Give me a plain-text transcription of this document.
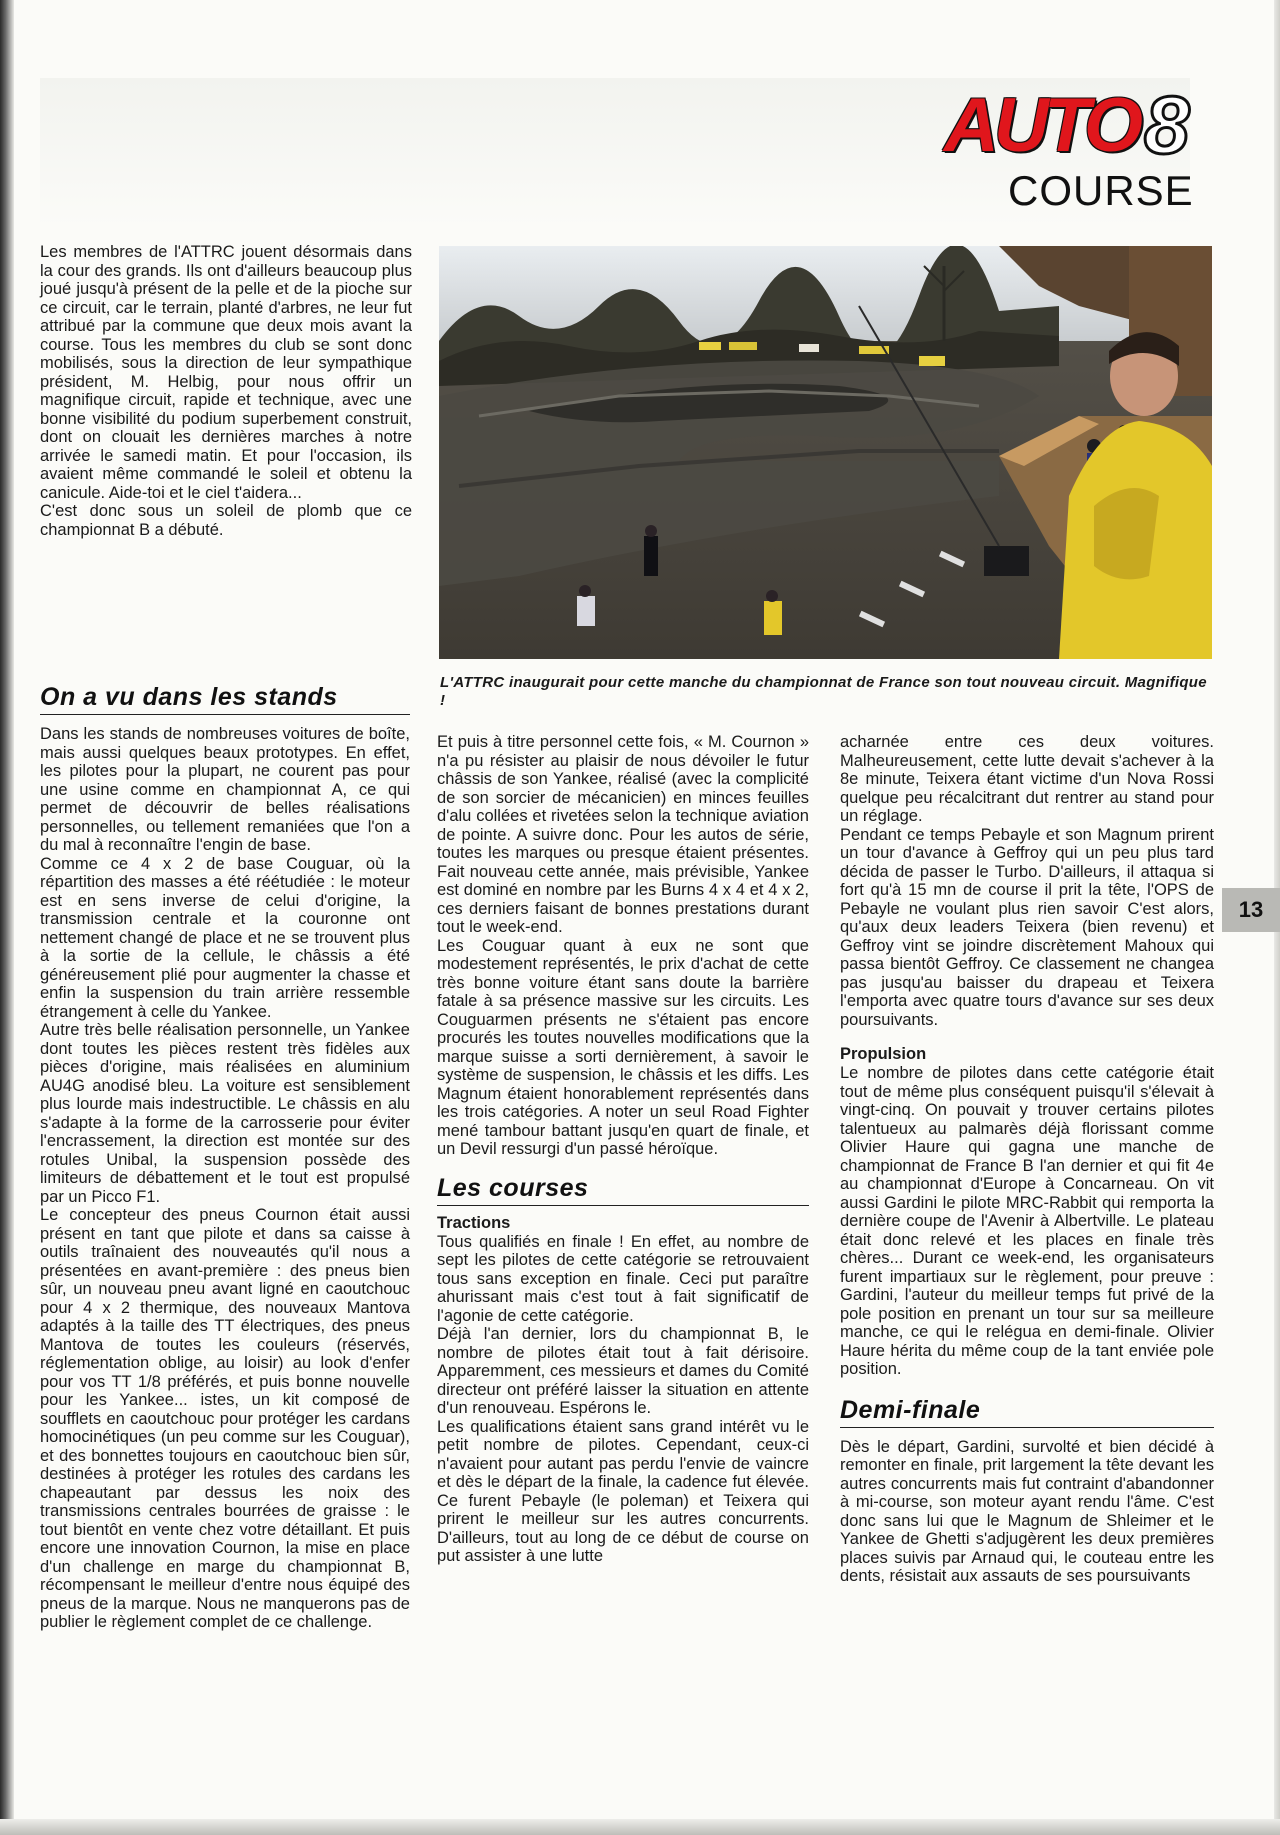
AUTO 8
COURSE
L'ATTRC inaugurait pour cette manche du championnat de France son tout nouveau circuit. Magnifique !

Les membres de l'ATTRC jouent désormais dans la cour des grands. Ils ont d'ailleurs beaucoup plus joué jusqu'à présent de la pelle et de la pioche sur ce circuit, car le terrain, planté d'arbres, ne leur fut attribué par la commune que deux mois avant la course. Tous les membres du club se sont donc mobilisés, sous la direction de leur sympathique président, M. Helbig, pour nous offrir un magnifique circuit, rapide et technique, avec une bonne visibilité du podium superbement construit, dont on clouait les dernières marches à notre arrivée le samedi matin. Et pour l'occasion, ils avaient même commandé le soleil et obtenu la canicule. Aide-toi et le ciel t'aidera...

C'est donc sous un soleil de plomb que ce championnat B a débuté.

On a vu dans les stands

Dans les stands de nombreuses voitures de boîte, mais aussi quelques beaux prototypes. En effet, les pilotes pour la plupart, ne courent pas pour une usine comme en championnat A, ce qui permet de découvrir de belles réalisations personnelles, ou tellement remaniées que l'on a du mal à reconnaître l'engin de base.

Comme ce 4 x 2 de base Couguar, où la répartition des masses a été réétudiée : le moteur est en sens inverse de celui d'origine, la transmission centrale et la couronne ont nettement changé de place et ne se trouvent plus à la sortie de la cellule, le châssis a été généreusement plié pour augmenter la chasse et enfin la suspension du train arrière ressemble étrangement à celle du Yankee.

Autre très belle réalisation personnelle, un Yankee dont toutes les pièces restent très fidèles aux pièces d'origine, mais réalisées en aluminium AU4G anodisé bleu. La voiture est sensiblement plus lourde mais indestructible. Le châssis en alu s'adapte à la forme de la carrosserie pour éviter l'encrassement, la direction est montée sur des rotules Unibal, la suspension possède des limiteurs de débattement et le tout est propulsé par un Picco F1.

Le concepteur des pneus Cournon était aussi présent en tant que pilote et dans sa caisse à outils traînaient des nouveautés qu'il nous a présentées en avant-première : des pneus bien sûr, un nouveau pneu avant ligné en caoutchouc pour 4 x 2 thermique, des nouveaux Mantova adaptés à la taille des TT électriques, des pneus Mantova de toutes les couleurs (réservés, réglementation oblige, au loisir) au look d'enfer pour vos TT 1/8 préférés, et puis bonne nouvelle pour les Yankee... istes, un kit composé de soufflets en caoutchouc pour protéger les cardans homocinétiques (un peu comme sur les Couguar), et des bonnettes toujours en caoutchouc bien sûr, destinées à protéger les rotules des cardans les chapeautant par dessus les noix des transmissions centrales bourrées de graisse : le tout bientôt en vente chez votre détaillant. Et puis encore une innovation Cournon, la mise en place d'un challenge en marge du championnat B, récompensant le meilleur d'entre nous équipé des pneus de la marque. Nous ne manquerons pas de publier le règlement complet de ce challenge.

Et puis à titre personnel cette fois, « M. Cournon » n'a pu résister au plaisir de nous dévoiler le futur châssis de son Yankee, réalisé (avec la complicité de son sorcier de mécanicien) en minces feuilles d'alu collées et rivetées selon la technique aviation de pointe. A suivre donc. Pour les autos de série, toutes les marques ou presque étaient présentes. Fait nouveau cette année, mais prévisible, Yankee est dominé en nombre par les Burns 4 x 4 et 4 x 2, ces derniers faisant de bonnes prestations durant tout le week-end.

Les Couguar quant à eux ne sont que modestement représentés, le prix d'achat de cette très bonne voiture étant sans doute la barrière fatale à sa présence massive sur les circuits. Les Couguarmen présents ne s'étaient pas encore procurés les toutes nouvelles modifications que la marque suisse a sorti dernièrement, à savoir le système de suspension, le châssis et les diffs. Les Magnum étaient honorablement représentés dans les trois catégories. A noter un seul Road Fighter mené tambour battant jusqu'en quart de finale, et un Devil ressurgi d'un passé héroïque.

Les courses
Tractions

Tous qualifiés en finale ! En effet, au nombre de sept les pilotes de cette catégorie se retrouvaient tous sans exception en finale. Ceci put paraître ahurissant mais c'est tout à fait significatif de l'agonie de cette catégorie.

Déjà l'an dernier, lors du championnat B, le nombre de pilotes était tout à fait dérisoire. Apparemment, ces messieurs et dames du Comité directeur ont préféré laisser la situation en attente d'un renouveau. Espérons le.

Les qualifications étaient sans grand intérêt vu le petit nombre de pilotes. Cependant, ceux-ci n'avaient pour autant pas perdu l'envie de vaincre et dès le départ de la finale, la cadence fut élevée. Ce furent Pebayle (le poleman) et Teixera qui prirent le meilleur sur les autres concurrents. D'ailleurs, tout au long de ce début de course on put assister à une lutte

acharnée entre ces deux voitures. Malheureusement, cette lutte devait s'achever à la 8e minute, Teixera étant victime d'un Nova Rossi quelque peu récalcitrant dut rentrer au stand pour un réglage.

Pendant ce temps Pebayle et son Magnum prirent un tour d'avance à Geffroy qui un peu plus tard décida de passer le Turbo. D'ailleurs, il attaqua si fort qu'à 15 mn de course il prit la tête, l'OPS de Pebayle ne voulant plus rien savoir C'est alors, qu'aux deux leaders Teixera (bien revenu) et Geffroy vint se joindre discrètement Mahoux qui passa bientôt Geffroy. Ce classement ne changea pas jusqu'au baisser du drapeau et Teixera l'emporta avec quatre tours d'avance sur ses deux poursuivants.

Propulsion

Le nombre de pilotes dans cette catégorie était tout de même plus conséquent puisqu'il s'élevait à vingt-cinq. On pouvait y trouver certains pilotes talentueux au palmarès déjà florissant comme Olivier Haure qui gagna une manche de championnat de France B l'an dernier et qui fit 4e au championnat d'Europe à Concarneau. On vit aussi Gardini le pilote MRC-Rabbit qui remporta la dernière coupe de l'Avenir à Albertville. Le plateau était donc relevé et les places en finale très chères... Durant ce week-end, les organisateurs furent impartiaux sur le règlement, pour preuve : Gardini, l'auteur du meilleur temps fut privé de la pole position en prenant un tour sur sa meilleure manche, ce qui le relégua en demi-finale. Olivier Haure hérita du même coup de la tant enviée pole position.

Demi-finale

Dès le départ, Gardini, survolté et bien décidé à remonter en finale, prit largement la tête devant les autres concurrents mais fut contraint d'abandonner à mi-course, son moteur ayant rendu l'âme. C'est donc sans lui que le Magnum de Shleimer et le Yankee de Ghetti s'adjugèrent les deux premières places suivis par Arnaud qui, le couteau entre les dents, résistait aux assauts de ses poursuivants

13
